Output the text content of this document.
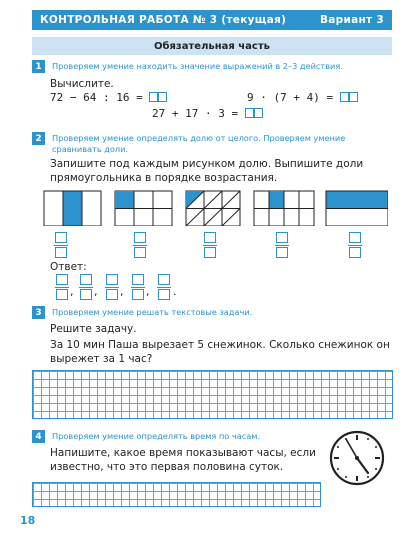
КОНТРОЛЬНАЯ РАБОТА № 3 (текущая)	Вариант 3
Обязательная часть
1	Проверяем умение находить значение выражений в 2–3 действия.
Вычислите.
72 − 64 : 16 =	9 · (7 + 4) =
27 + 17 · 3 =
2	Проверяем умение определять долю от целого. Проверяем умение сравнивать доли.
Запишите под каждым рисунком долю. Выпишите доли прямоугольника в порядке возрастания.
Ответ:
, , , , .
3	Проверяем умение решать текстовые задачи.
Решите задачу.
За 10 мин Паша вырезает 5 снежинок. Сколько снежинок он вырежет за 1 час?
4	Проверяем умение определять время по часам.
Напишите, какое время показывают часы, если известно, что это первая половина суток.
18
